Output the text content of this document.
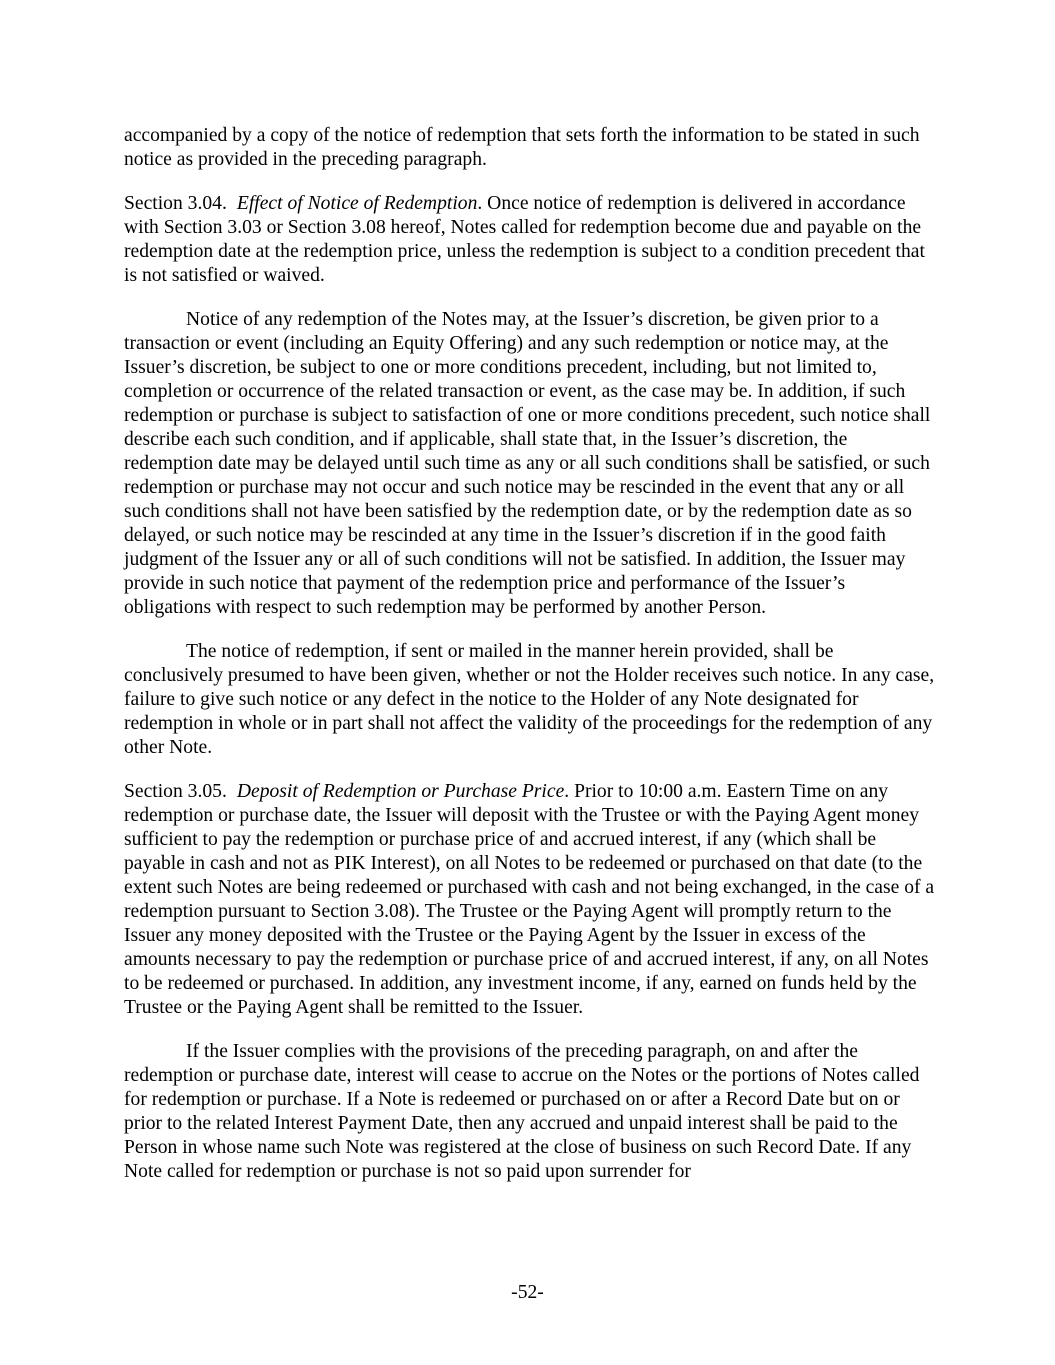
accompanied by a copy of the notice of redemption that sets forth the information to be stated in such notice as provided in the preceding paragraph.

Section 3.04. Effect of Notice of Redemption. Once notice of redemption is delivered in accordance with Section 3.03 or Section 3.08 hereof, Notes called for redemption become due and payable on the redemption date at the redemption price, unless the redemption is subject to a condition precedent that is not satisfied or waived.

Notice of any redemption of the Notes may, at the Issuer’s discretion, be given prior to a transaction or event (including an Equity Offering) and any such redemption or notice may, at the Issuer’s discretion, be subject to one or more conditions precedent, including, but not limited to, completion or occurrence of the related transaction or event, as the case may be. In addition, if such redemption or purchase is subject to satisfaction of one or more conditions precedent, such notice shall describe each such condition, and if applicable, shall state that, in the Issuer’s discretion, the redemption date may be delayed until such time as any or all such conditions shall be satisfied, or such redemption or purchase may not occur and such notice may be rescinded in the event that any or all such conditions shall not have been satisfied by the redemption date, or by the redemption date as so delayed, or such notice may be rescinded at any time in the Issuer’s discretion if in the good faith judgment of the Issuer any or all of such conditions will not be satisfied. In addition, the Issuer may provide in such notice that payment of the redemption price and performance of the Issuer’s obligations with respect to such redemption may be performed by another Person.

The notice of redemption, if sent or mailed in the manner herein provided, shall be conclusively presumed to have been given, whether or not the Holder receives such notice. In any case, failure to give such notice or any defect in the notice to the Holder of any Note designated for redemption in whole or in part shall not affect the validity of the proceedings for the redemption of any other Note.

Section 3.05. Deposit of Redemption or Purchase Price. Prior to 10:00 a.m. Eastern Time on any redemption or purchase date, the Issuer will deposit with the Trustee or with the Paying Agent money sufficient to pay the redemption or purchase price of and accrued interest, if any (which shall be payable in cash and not as PIK Interest), on all Notes to be redeemed or purchased on that date (to the extent such Notes are being redeemed or purchased with cash and not being exchanged, in the case of a redemption pursuant to Section 3.08). The Trustee or the Paying Agent will promptly return to the Issuer any money deposited with the Trustee or the Paying Agent by the Issuer in excess of the amounts necessary to pay the redemption or purchase price of and accrued interest, if any, on all Notes to be redeemed or purchased. In addition, any investment income, if any, earned on funds held by the Trustee or the Paying Agent shall be remitted to the Issuer.

If the Issuer complies with the provisions of the preceding paragraph, on and after the redemption or purchase date, interest will cease to accrue on the Notes or the portions of Notes called for redemption or purchase. If a Note is redeemed or purchased on or after a Record Date but on or prior to the related Interest Payment Date, then any accrued and unpaid interest shall be paid to the Person in whose name such Note was registered at the close of business on such Record Date. If any Note called for redemption or purchase is not so paid upon surrender for

-52-
